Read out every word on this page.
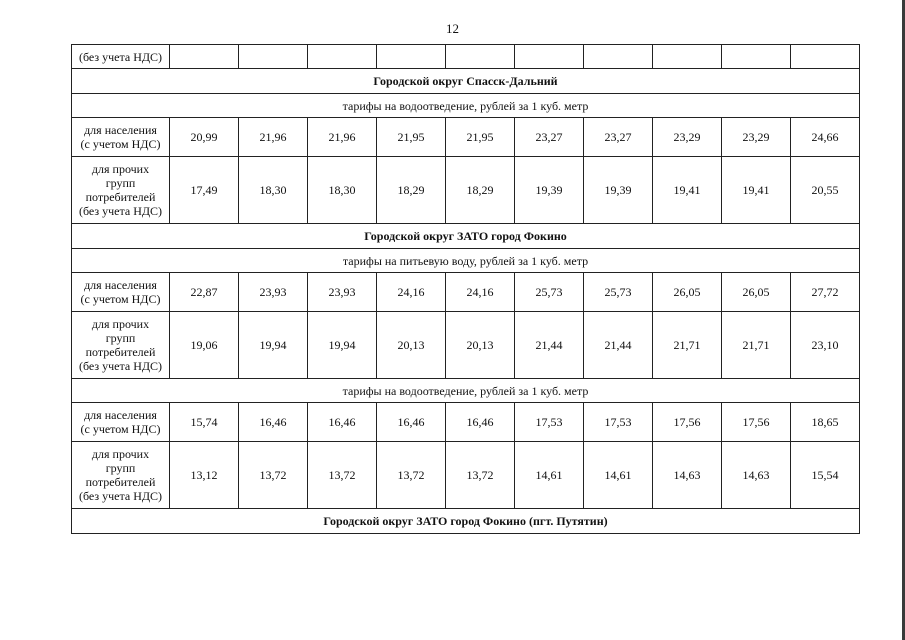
12
(без учета НДС)										
Городской округ Спасск-Дальний										
тарифы на водоотведение, рублей за 1 куб. метр										
для населения
(с учетом НДС)	20,99	21,96	21,96	21,95	21,95	23,27	23,27	23,29	23,29	24,66
для прочих
групп
потребителей
(без учета НДС)	17,49	18,30	18,30	18,29	18,29	19,39	19,39	19,41	19,41	20,55
Городской округ ЗАТО город Фокино										
тарифы на питьевую воду, рублей за 1 куб. метр										
для населения
(с учетом НДС)	22,87	23,93	23,93	24,16	24,16	25,73	25,73	26,05	26,05	27,72
для прочих
групп
потребителей
(без учета НДС)	19,06	19,94	19,94	20,13	20,13	21,44	21,44	21,71	21,71	23,10
тарифы на водоотведение, рублей за 1 куб. метр										
для населения
(с учетом НДС)	15,74	16,46	16,46	16,46	16,46	17,53	17,53	17,56	17,56	18,65
для прочих
групп
потребителей
(без учета НДС)	13,12	13,72	13,72	13,72	13,72	14,61	14,61	14,63	14,63	15,54
Городской округ ЗАТО город Фокино (пгт. Путятин)										
